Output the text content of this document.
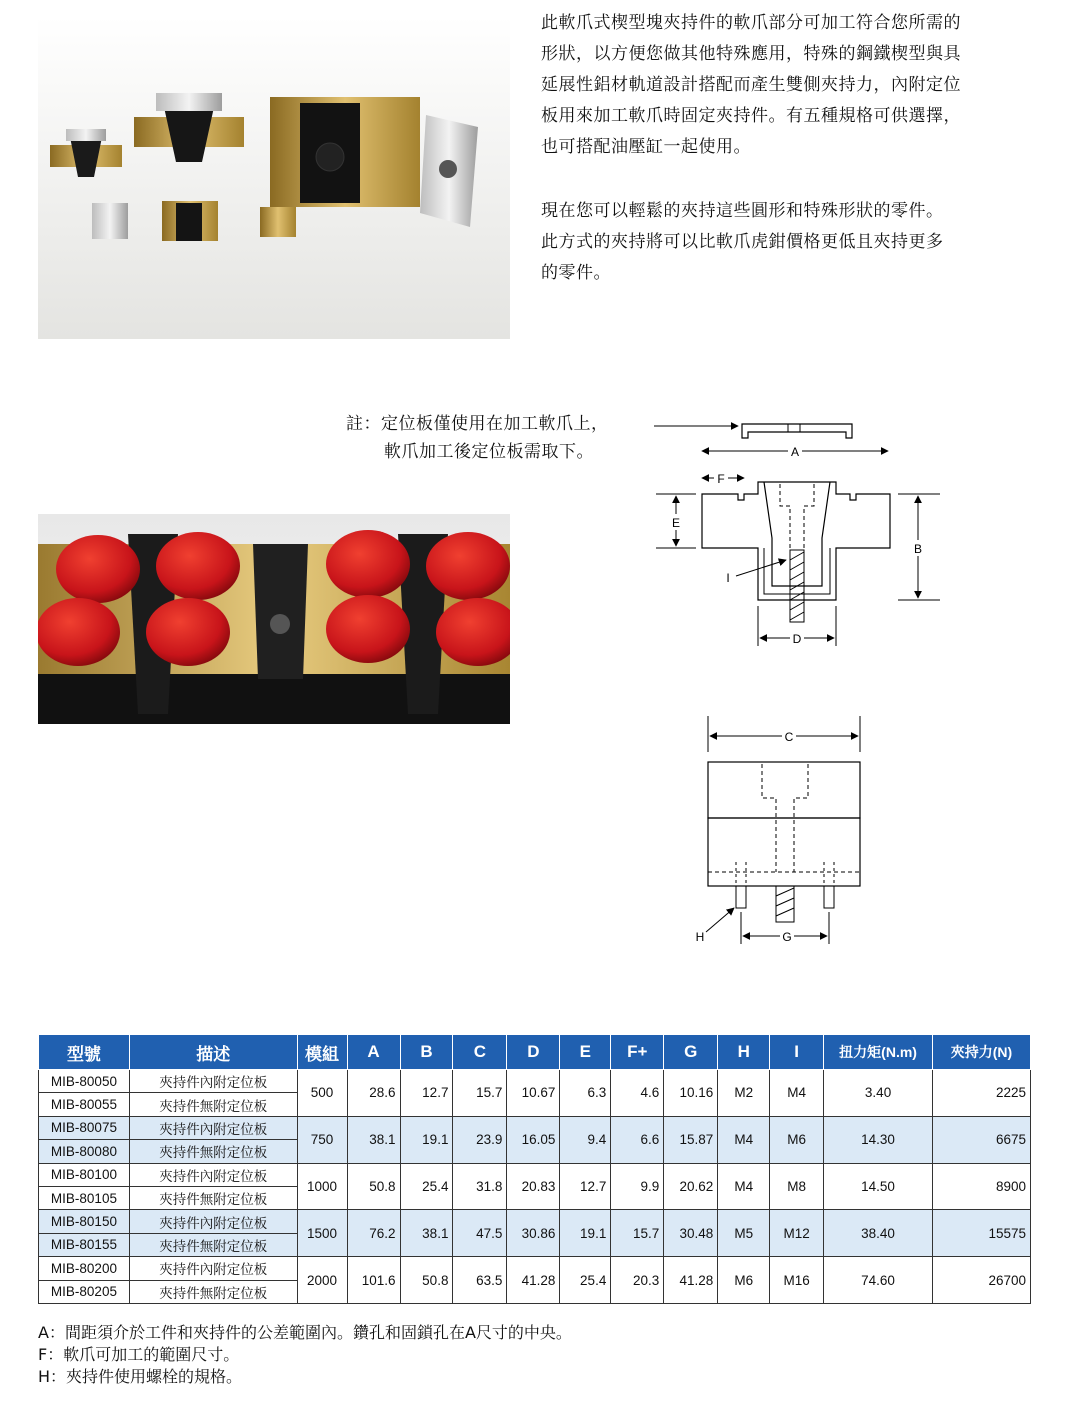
此軟爪式楔型塊夾持件的軟爪部分可加工符合您所需的
形狀，以方便您做其他特殊應用，特殊的鋼鐵楔型與具
延展性鋁材軌道設計搭配而產生雙側夾持力，內附定位
板用來加工軟爪時固定夾持件。有五種規格可供選擇，
也可搭配油壓缸一起使用。
現在您可以輕鬆的夾持這些圓形和特殊形狀的零件。
此方式的夾持將可以比軟爪虎鉗價格更低且夾持更多
的零件。
註：定位板僅使用在加工軟爪上，
軟爪加工後定位板需取下。	A
F
E
B
I
D
C
H	G
型號	描述	模組	A	B	C	D	E	F+	G	H	I	扭力矩(N.m)	夾持力(N)
MIB-80050	夾持件內附定位板	500	28.6	12.7	15.7	10.67	6.3	4.6	10.16	M2	M4	3.40	2225
MIB-80055	夾持件無附定位板												
MIB-80075	夾持件內附定位板	750	38.1	19.1	23.9	16.05	9.4	6.6	15.87	M4	M6	14.30	6675
MIB-80080	夾持件無附定位板												
MIB-80100	夾持件內附定位板	1000	50.8	25.4	31.8	20.83	12.7	9.9	20.62	M4	M8	14.50	8900
MIB-80105	夾持件無附定位板												
MIB-80150	夾持件內附定位板	1500	76.2	38.1	47.5	30.86	19.1	15.7	30.48	M5	M12	38.40	15575
MIB-80155	夾持件無附定位板												
MIB-80200	夾持件內附定位板	2000	101.6	50.8	63.5	41.28	25.4	20.3	41.28	M6	M16	74.60	26700
MIB-80205	夾持件無附定位板												
A：間距須介於工件和夾持件的公差範圍內。鑽孔和固鎖孔在A尺寸的中央。
F：軟爪可加工的範圍尺寸。
H：夾持件使用螺栓的規格。
